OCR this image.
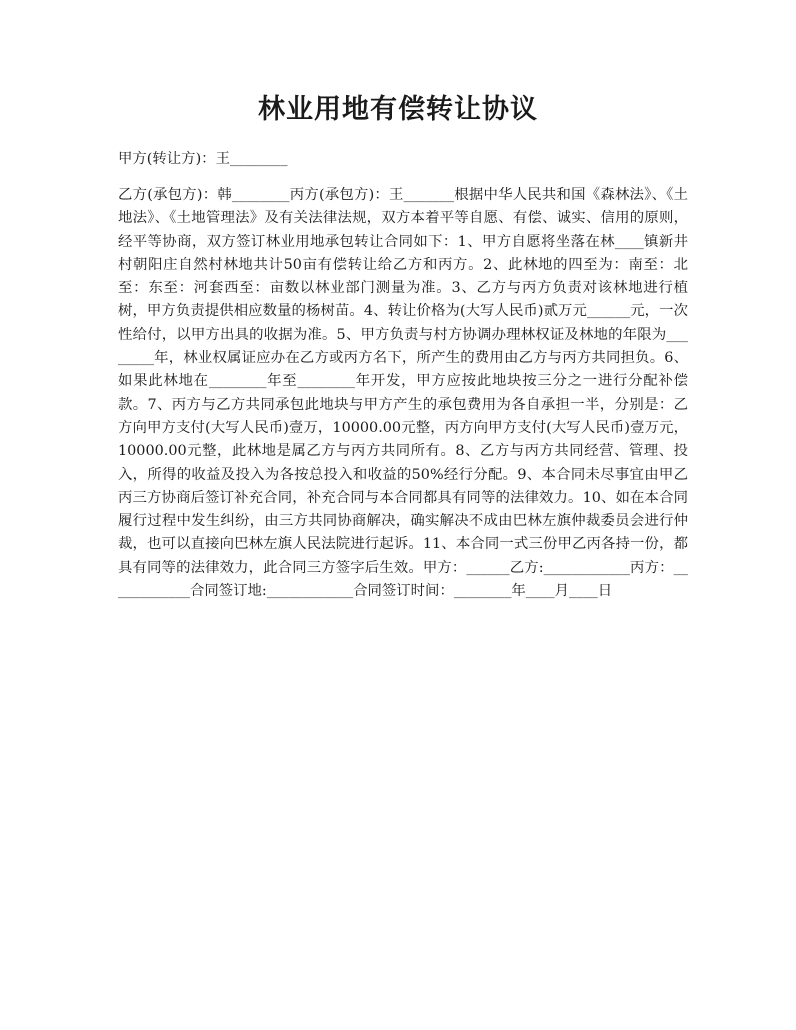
林业用地有偿转让协议

甲方(转让方)：王________

乙方(承包方)：韩________丙方(承包方)：王_______根据中华人民共和国《森林法》、《土地法》、《土地管理法》及有关法律法规，双方本着平等自愿、有偿、诚实、信用的原则，经平等协商，双方签订林业用地承包转让合同如下：1、甲方自愿将坐落在林____镇新井村朝阳庄自然村林地共计50亩有偿转让给乙方和丙方。2、此林地的四至为：南至：北至：东至：河套西至：亩数以林业部门测量为准。3、乙方与丙方负责对该林地进行植树，甲方负责提供相应数量的杨树苗。4、转让价格为(大写人民币)贰万元______元，一次性给付，以甲方出具的收据为准。5、甲方负责与村方协调办理林权证及林地的年限为________年，林业权属证应办在乙方或丙方名下，所产生的费用由乙方与丙方共同担负。6、如果此林地在________年至________年开发，甲方应按此地块按三分之一进行分配补偿款。7、丙方与乙方共同承包此地块与甲方产生的承包费用为各自承担一半，分别是：乙方向甲方支付(大写人民币)壹万，10000.00元整，丙方向甲方支付(大写人民币)壹万元，10000.00元整，此林地是属乙方与丙方共同所有。8、乙方与丙方共同经营、管理、投入，所得的收益及投入为各按总投入和收益的50%经行分配。9、本合同未尽事宜由甲乙丙三方协商后签订补充合同，补充合同与本合同都具有同等的法律效力。10、如在本合同履行过程中发生纠纷，由三方共同协商解决，确实解决不成由巴林左旗仲裁委员会进行仲裁，也可以直接向巴林左旗人民法院进行起诉。11、本合同一式三份甲乙丙各持一份，都具有同等的法律效力，此合同三方签字后生效。甲方：______乙方:____________丙方：____________合同签订地:____________合同签订时间：________年____月____日
